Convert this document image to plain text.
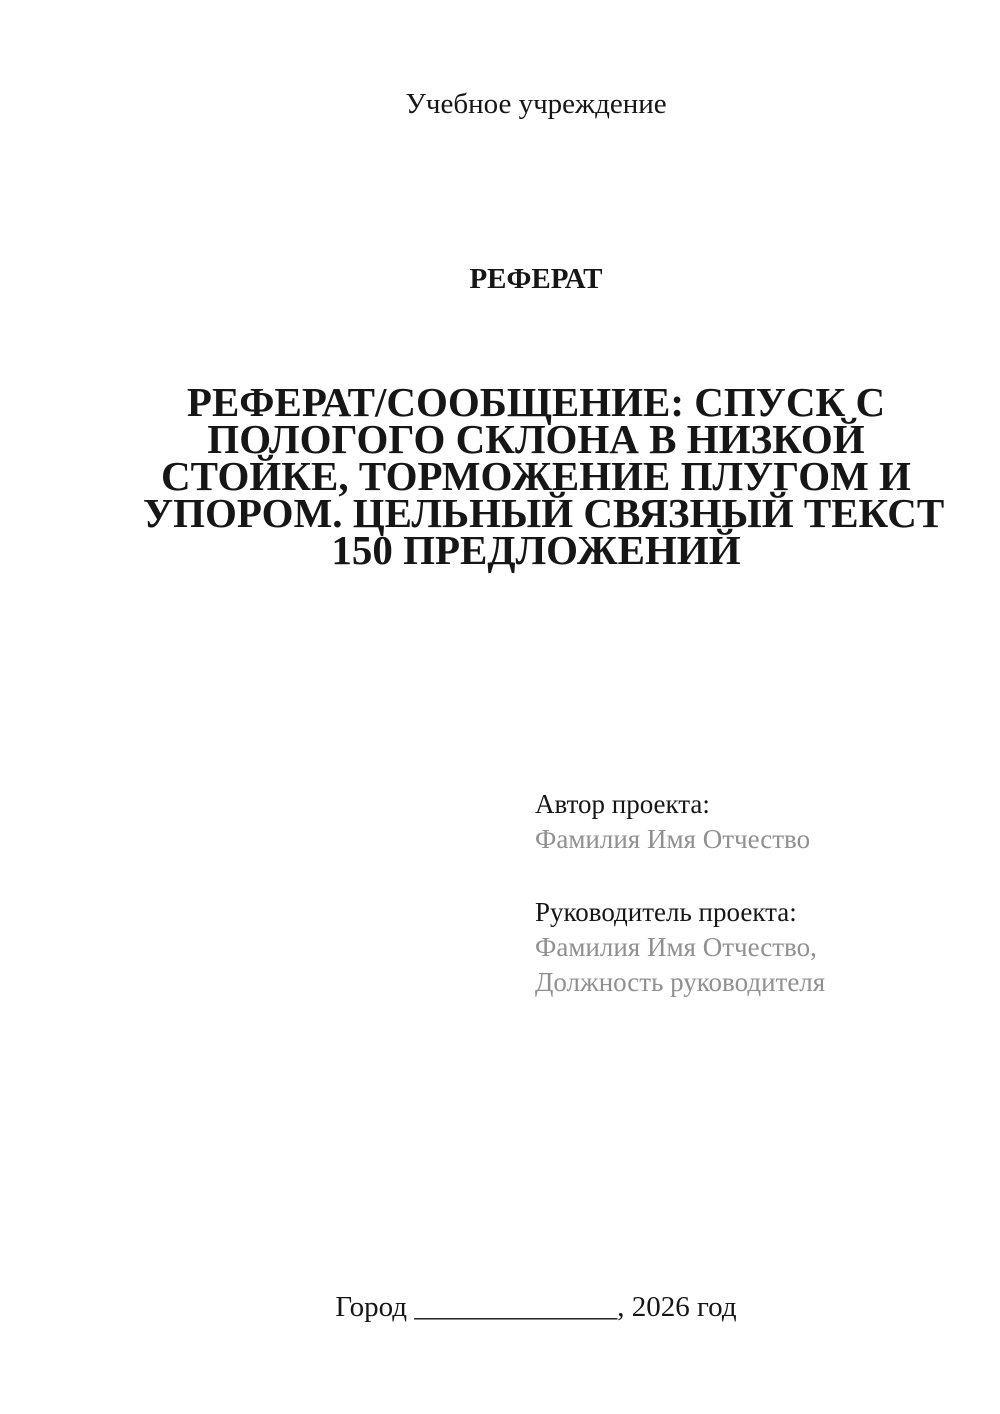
Учебное учреждение
РЕФЕРАТ
РЕФЕРАТ/СООБЩЕНИЕ: СПУСК С
ПОЛОГОГО СКЛОНА В НИЗКОЙ
СТОЙКЕ, ТОРМОЖЕНИЕ ПЛУГОМ И
УПОРОМ. ЦЕЛЬНЫЙ СВЯЗНЫЙ ТЕКСТ
150 ПРЕДЛОЖЕНИЙ
Автор проекта:
Фамилия Имя Отчество
Руководитель проекта:
Фамилия Имя Отчество,
Должность руководителя
Город ______________, 2026 год
